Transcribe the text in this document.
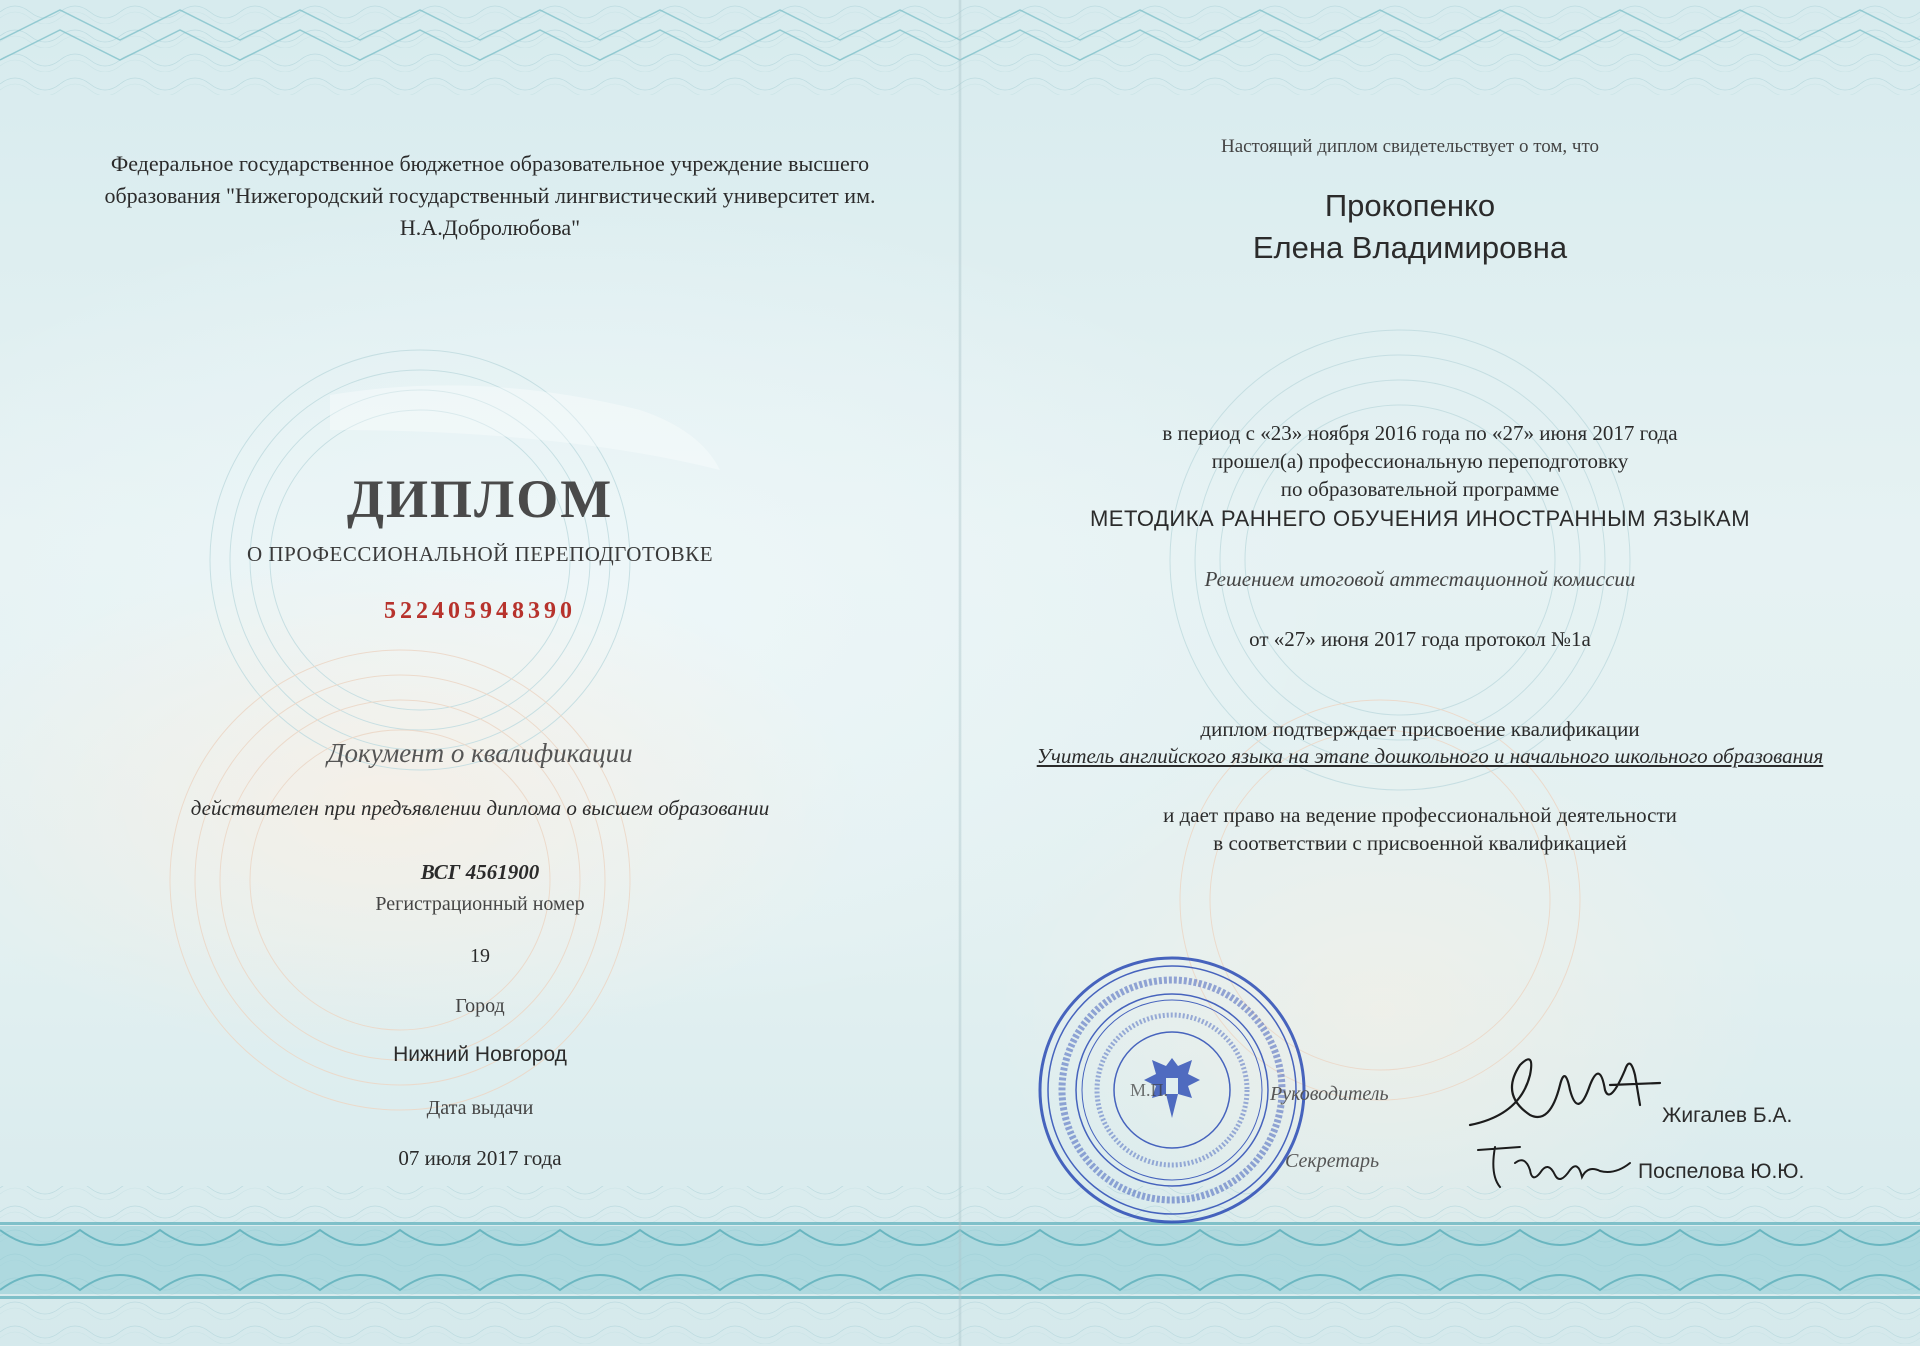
Федеральное государственное бюджетное образовательное учреждение высшего образования "Нижегородский государственный лингвистический университет им. Н.А.Добролюбова"
ДИПЛОМ
О ПРОФЕССИОНАЛЬНОЙ ПЕРЕПОДГОТОВКЕ
522405948390
Документ о квалификации
действителен при предъявлении диплома о высшем образовании
ВСГ 4561900
Регистрационный номер
19
Город
Нижний Новгород
Дата выдачи
07 июля 2017 года
Настоящий диплом свидетельствует о том, что
Прокопенко
Елена Владимировна
в период с «23» ноября 2016 года по «27» июня 2017 года
прошел(а) профессиональную переподготовку
по образовательной программе
МЕТОДИКА РАННЕГО ОБУЧЕНИЯ ИНОСТРАННЫМ ЯЗЫКАМ
Решением итоговой аттестационной комиссии
от «27» июня 2017 года протокол №1а
диплом подтверждает присвоение квалификации
Учитель английского языка на этапе дошкольного и начального школьного образования
и дает право на ведение профессиональной деятельности
в соответствии с присвоенной квалификацией
М.П.	Руководитель
Жигалев Б.А.
Секретарь	Поспелова Ю.Ю.
